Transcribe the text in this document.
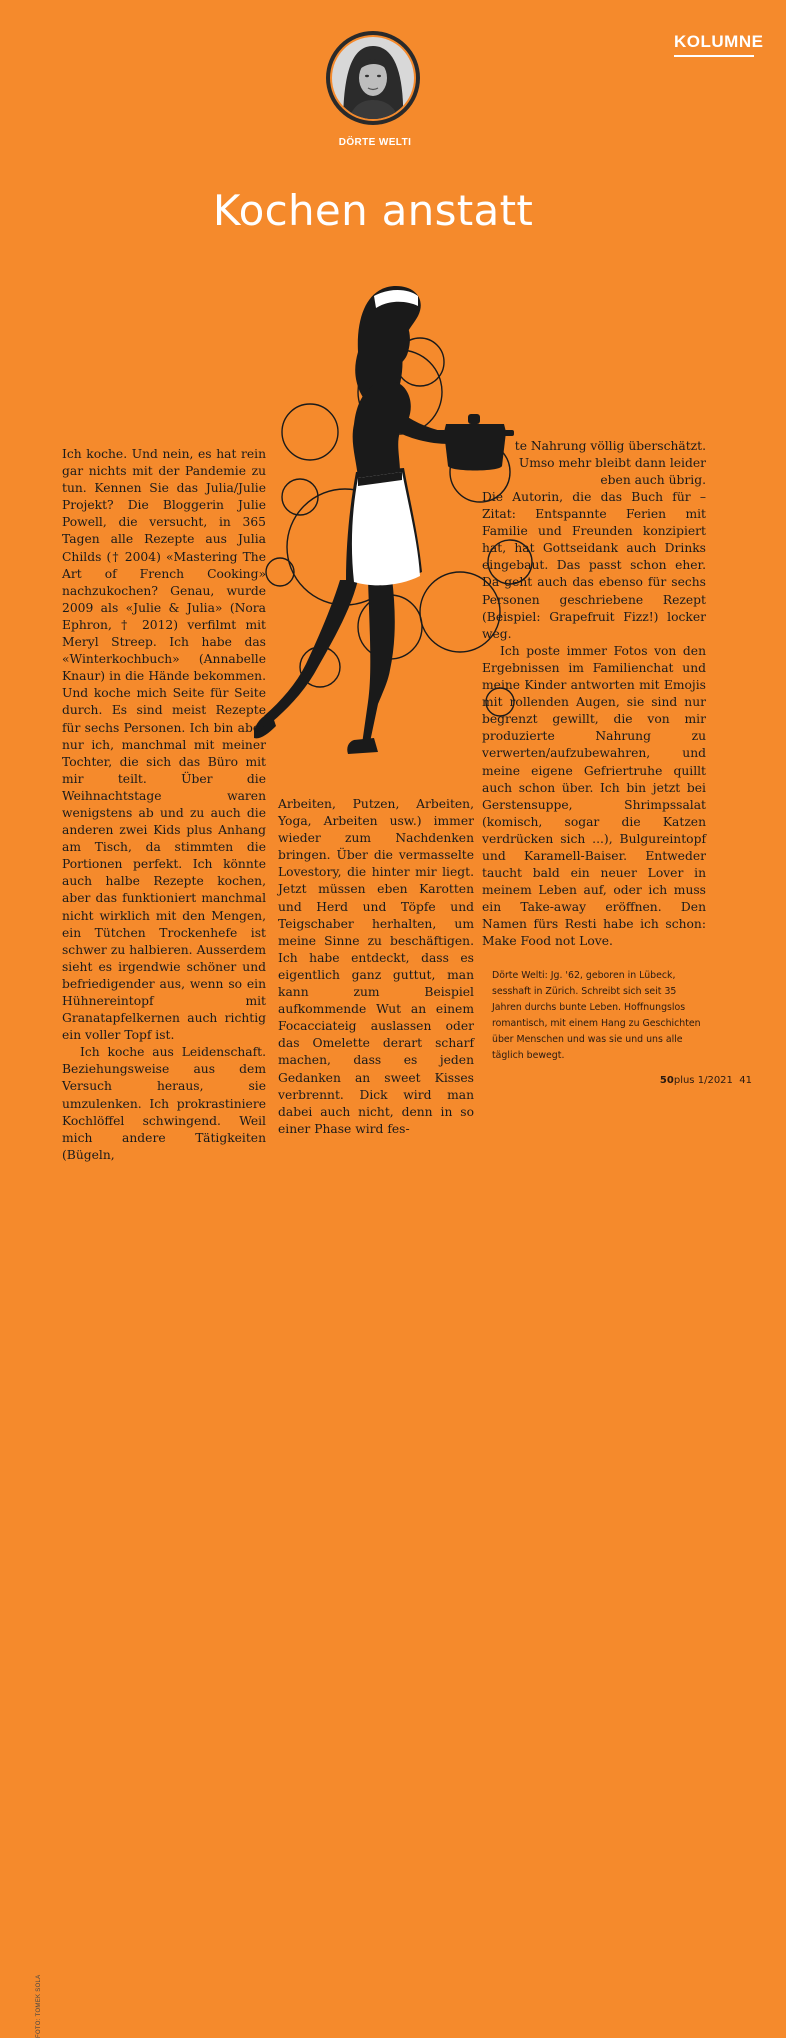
KOLUMNE
DÖRTE WELTI
Kochen anstatt

Ich koche. Und nein, es hat rein gar nichts mit der Pandemie zu tun. Kennen Sie das Julia/Julie Projekt? Die Bloggerin Julie Powell, die versucht, in 365 Tagen alle Rezepte aus Julia Childs († 2004) «Mastering The Art of French Cooking» nachzukochen? Genau, wurde 2009 als «Julie & Julia» (Nora Ephron, † 2012) verfilmt mit Meryl Streep. Ich habe das «Winterkochbuch» (Annabelle Knaur) in die Hände bekommen. Und koche mich Seite für Seite durch. Es sind meist Rezepte für sechs Personen. Ich bin aber nur ich, manchmal mit meiner Tochter, die sich das Büro mit mir teilt. Über die Weihnachtstage waren wenigstens ab und zu auch die anderen zwei Kids plus Anhang am Tisch, da stimmten die Portionen perfekt. Ich könnte auch halbe Rezepte kochen, aber das funktioniert manchmal nicht wirklich mit den Mengen, ein Tütchen Trockenhefe ist schwer zu halbieren. Ausserdem sieht es irgendwie schöner und befriedigender aus, wenn so ein Hühnereintopf mit Granatapfelkernen auch richtig ein voller Topf ist.

Ich koche aus Leidenschaft. Beziehungsweise aus dem Versuch heraus, sie umzulenken. Ich prokrastiniere Kochlöffel schwingend. Weil mich andere Tätigkeiten (Bügeln,

Arbeiten, Putzen, Arbeiten, Yoga, Arbeiten usw.) immer wieder zum Nachdenken bringen. Über die vermasselte Lovestory, die hinter mir liegt. Jetzt müssen eben Karotten und Herd und Töpfe und Teigschaber herhalten, um meine Sinne zu beschäftigen. Ich habe entdeckt, dass es eigentlich ganz guttut, man kann zum Beispiel aufkommende Wut an einem Focacciateig auslassen oder das Omelette derart scharf machen, dass es jeden Gedanken an sweet Kisses verbrennt. Dick wird man dabei auch nicht, denn in so einer Phase wird fes-

te Nahrung völlig überschätzt. Umso mehr bleibt dann leider eben auch übrig.

Die Autorin, die das Buch für – Zitat: Entspannte Ferien mit Familie und Freunden konzipiert hat, hat Gottseidank auch Drinks eingebaut. Das passt schon eher. Da geht auch das ebenso für sechs Personen geschriebene Rezept (Beispiel: Grapefruit Fizz!) locker weg.

Ich poste immer Fotos von den Ergebnissen im Familienchat und meine Kinder antworten mit Emojis mit rollenden Augen, sie sind nur begrenzt gewillt, die von mir produzierte Nahrung zu verwerten/aufzubewahren, und meine eigene Gefriertruhe quillt auch schon über. Ich bin jetzt bei Gerstensuppe, Shrimpssalat (komisch, sogar die Katzen verdrücken sich ...), Bulgureintopf und Karamell-Baiser. Entweder taucht bald ein neuer Lover in meinem Leben auf, oder ich muss ein Take-away eröffnen. Den Namen fürs Resti habe ich schon: Make Food not Love.

Dörte Welti: Jg. '62, geboren in Lübeck, sesshaft in Zürich. Schreibt sich seit 35 Jahren durchs bunte Leben. Hoffnungslos romantisch, mit einem Hang zu Geschichten über Menschen und was sie und uns alle täglich bewegt.
FOTO: TOMEK SOLA
50plus 1/2021 41
